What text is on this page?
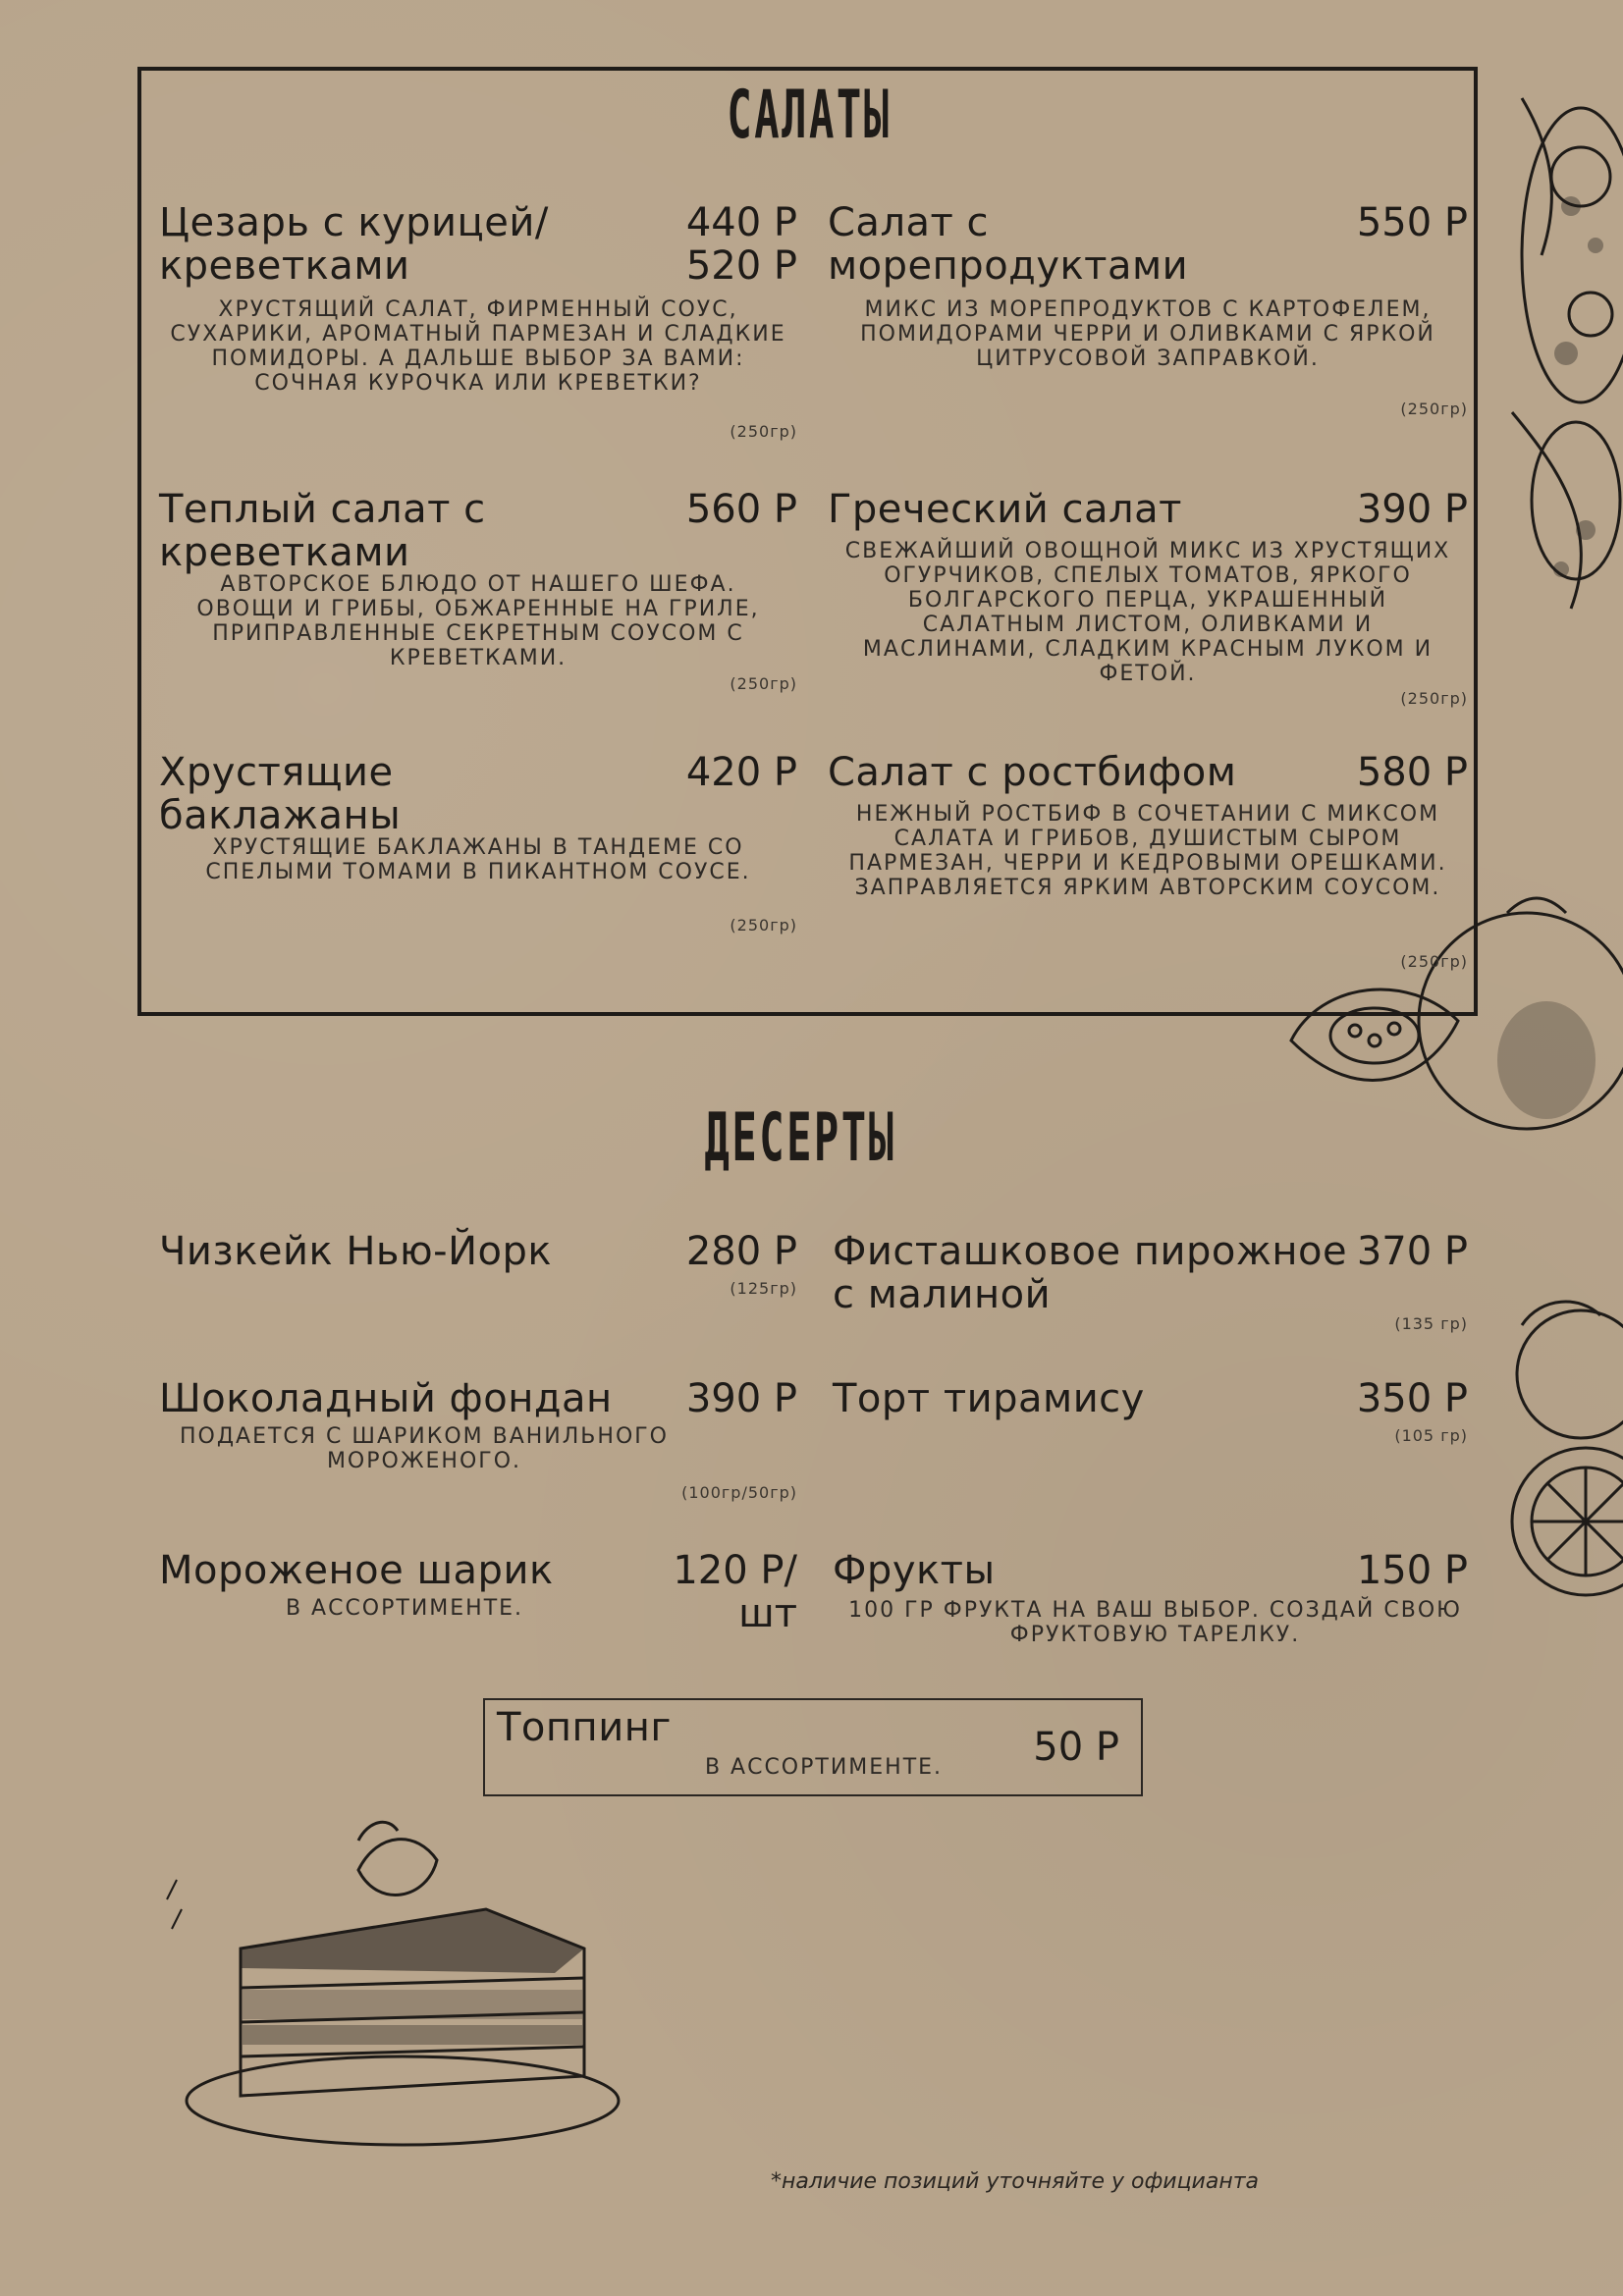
САЛАТЫ
Цезарь с курицей/ креветками
440 Р 520 Р
ХРУСТЯЩИЙ САЛАТ, ФИРМЕННЫЙ СОУС, СУХАРИКИ, АРОМАТНЫЙ ПАРМЕЗАН И СЛАДКИЕ ПОМИДОРЫ. А ДАЛЬШЕ ВЫБОР ЗА ВАМИ: СОЧНАЯ КУРОЧКА ИЛИ КРЕВЕТКИ?
(250гр)
Салат с морепродуктами
550 Р
МИКС ИЗ МОРЕПРОДУКТОВ С КАРТОФЕЛЕМ, ПОМИДОРАМИ ЧЕРРИ И ОЛИВКАМИ С ЯРКОЙ ЦИТРУСОВОЙ ЗАПРАВКОЙ.
(250гр)
Теплый салат с креветками
560 Р
АВТОРСКОЕ БЛЮДО ОТ НАШЕГО ШЕФА. ОВОЩИ И ГРИБЫ, ОБЖАРЕННЫЕ НА ГРИЛЕ, ПРИПРАВЛЕННЫЕ СЕКРЕТНЫМ СОУСОМ С КРЕВЕТКАМИ.
(250гр)
Греческий салат	390 Р
СВЕЖАЙШИЙ ОВОЩНОЙ МИКС ИЗ ХРУСТЯЩИХ ОГУРЧИКОВ, СПЕЛЫХ ТОМАТОВ, ЯРКОГО БОЛГАРСКОГО ПЕРЦА, УКРАШЕННЫЙ САЛАТНЫМ ЛИСТОМ, ОЛИВКАМИ И МАСЛИНАМИ, СЛАДКИМ КРАСНЫМ ЛУКОМ И ФЕТОЙ.
(250гр)
Хрустящие баклажаны
420 Р
ХРУСТЯЩИЕ БАКЛАЖАНЫ В ТАНДЕМЕ СО СПЕЛЫМИ ТОМАМИ В ПИКАНТНОМ СОУСЕ.
(250гр)
Салат с ростбифом	580 Р
НЕЖНЫЙ РОСТБИФ В СОЧЕТАНИИ С МИКСОМ САЛАТА И ГРИБОВ, ДУШИСТЫМ СЫРОМ ПАРМЕЗАН, ЧЕРРИ И КЕДРОВЫМИ ОРЕШКАМИ. ЗАПРАВЛЯЕТСЯ ЯРКИМ АВТОРСКИМ СОУСОМ.
(250гр)
ДЕСЕРТЫ
Чизкейк Нью-Йорк	280 Р
(125гр)
Фисташковое пирожное с малиной
370 Р
(135 гр)
Шоколадный фондан	390 Р
ПОДАЕТСЯ С ШАРИКОМ ВАНИЛЬНОГО МОРОЖЕНОГО.
(100гр/50гр)
Торт тирамису	350 Р
(105 гр)
Мороженое шарик	120 Р/ шт
В АССОРТИМЕНТЕ.
Фрукты	150 Р
100 ГР ФРУКТА НА ВАШ ВЫБОР. СОЗДАЙ СВОЮ ФРУКТОВУЮ ТАРЕЛКУ.
Топпинг
В АССОРТИМЕНТЕ.	50 Р
*наличие позиций уточняйте у официанта
